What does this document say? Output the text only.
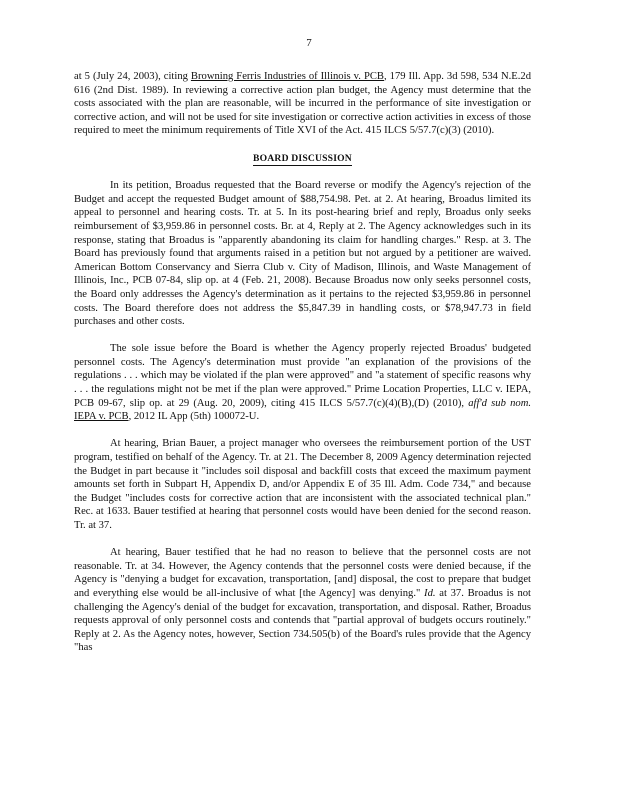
7

at 5 (July 24, 2003), citing Browning Ferris Industries of Illinois v. PCB, 179 Ill. App. 3d 598, 534 N.E.2d 616 (2nd Dist. 1989). In reviewing a corrective action plan budget, the Agency must determine that the costs associated with the plan are reasonable, will be incurred in the performance of site investigation or corrective action, and will not be used for site investigation or corrective action activities in excess of those required to meet the minimum requirements of Title XVI of the Act. 415 ILCS 5/57.7(c)(3) (2010).

BOARD DISCUSSION

In its petition, Broadus requested that the Board reverse or modify the Agency's rejection of the Budget and accept the requested Budget amount of $88,754.98. Pet. at 2. At hearing, Broadus limited its appeal to personnel and hearing costs. Tr. at 5. In its post-hearing brief and reply, Broadus only seeks reimbursement of $3,959.86 in personnel costs. Br. at 4, Reply at 2. The Agency acknowledges such in its response, stating that Broadus is "apparently abandoning its claim for handling charges." Resp. at 3. The Board has previously found that arguments raised in a petition but not argued by a petitioner are waived. American Bottom Conservancy and Sierra Club v. City of Madison, Illinois, and Waste Management of Illinois, Inc., PCB 07-84, slip op. at 4 (Feb. 21, 2008). Because Broadus now only seeks personnel costs, the Board only addresses the Agency's determination as it pertains to the rejected $3,959.86 in personnel costs. The Board therefore does not address the $5,847.39 in handling costs, or $78,947.73 in field purchases and other costs.

The sole issue before the Board is whether the Agency properly rejected Broadus' budgeted personnel costs. The Agency's determination must provide "an explanation of the provisions of the regulations . . . which may be violated if the plan were approved" and "a statement of specific reasons why . . . the regulations might not be met if the plan were approved." Prime Location Properties, LLC v. IEPA, PCB 09-67, slip op. at 29 (Aug. 20, 2009), citing 415 ILCS 5/57.7(c)(4)(B),(D) (2010), aff'd sub nom. IEPA v. PCB, 2012 IL App (5th) 100072-U.

At hearing, Brian Bauer, a project manager who oversees the reimbursement portion of the UST program, testified on behalf of the Agency. Tr. at 21. The December 8, 2009 Agency determination rejected the Budget in part because it "includes soil disposal and backfill costs that exceed the maximum payment amounts set forth in Subpart H, Appendix D, and/or Appendix E of 35 Ill. Adm. Code 734," and because the Budget "includes costs for corrective action that are inconsistent with the associated technical plan." Rec. at 1633. Bauer testified at hearing that personnel costs would have been denied for the second reason. Tr. at 37.

At hearing, Bauer testified that he had no reason to believe that the personnel costs are not reasonable. Tr. at 34. However, the Agency contends that the personnel costs were denied because, if the Agency is "denying a budget for excavation, transportation, [and] disposal, the cost to prepare that budget and everything else would be all-inclusive of what [the Agency] was denying." Id. at 37. Broadus is not challenging the Agency's denial of the budget for excavation, transportation, and disposal. Rather, Broadus requests approval of only personnel costs and contends that "partial approval of budgets occurs routinely." Reply at 2. As the Agency notes, however, Section 734.505(b) of the Board's rules provide that the Agency "has
